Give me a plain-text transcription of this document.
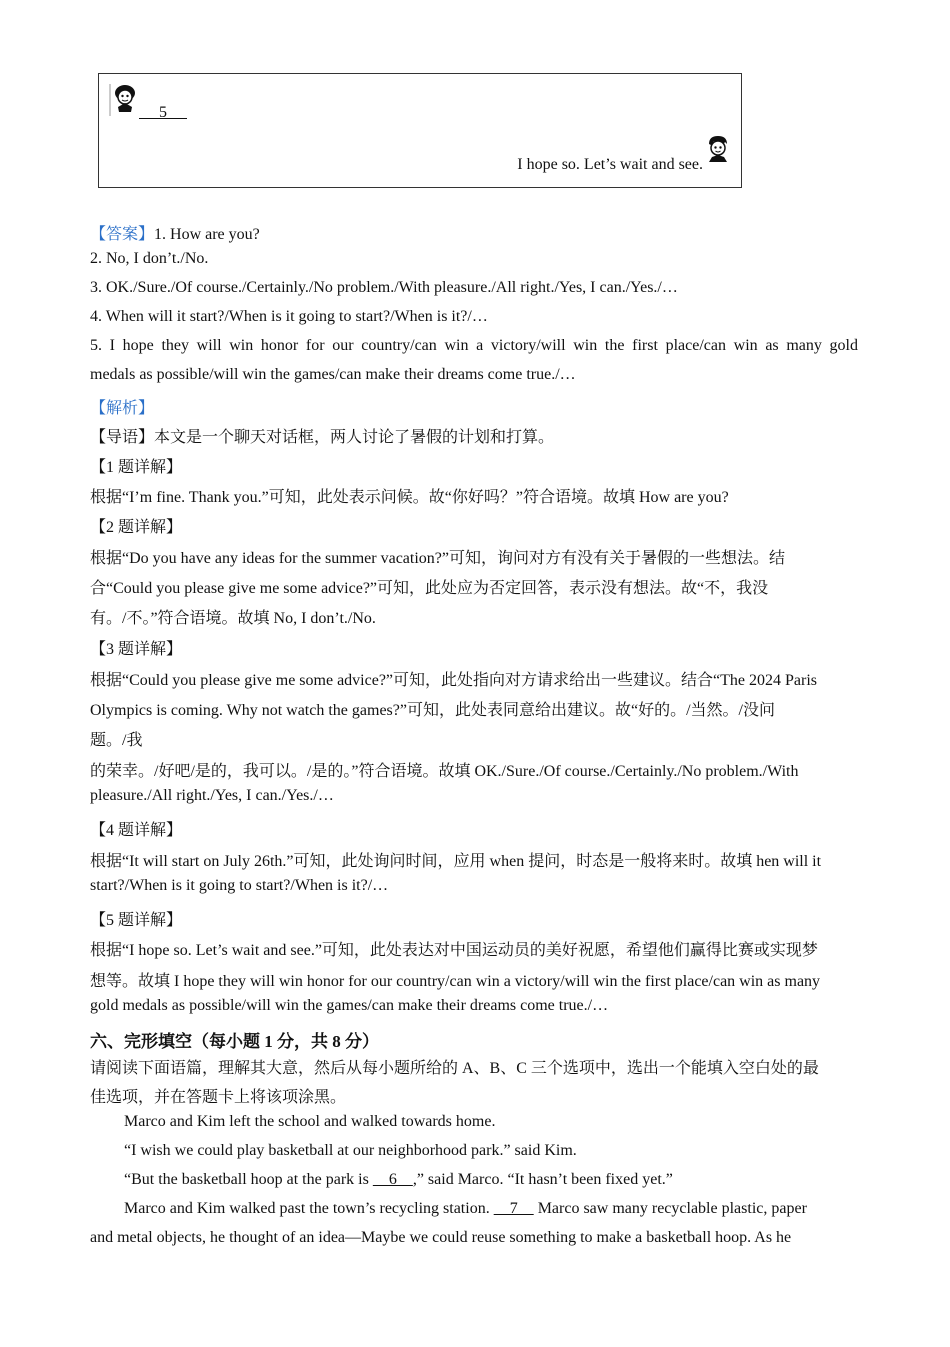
5
I hope so. Let’s wait and see.
【答案】1. How are you?
2. No, I don’t./No.
3. OK./Sure./Of course./Certainly./No problem./With pleasure./All right./Yes, I can./Yes./…
4. When will it start?/When is it going to start?/When is it?/…
5. I hope they will win honor for our country/can win a victory/will win the first place/can win as many gold
medals as possible/will win the games/can make their dreams come true./…
【解析】
【导语】本文是一个聊天对话框，两人讨论了暑假的计划和打算。
【1 题详解】
根据“I’m fine. Thank you.”可知，此处表示问候。故“你好吗？”符合语境。故填 How are you?
【2 题详解】
根据“Do you have any ideas for the summer vacation?”可知，询问对方有没有关于暑假的一些想法。结
合“Could you please give me some advice?”可知，此处应为否定回答，表示没有想法。故“不，我没
有。/不。”符合语境。故填 No, I don’t./No.
【3 题详解】
根据“Could you please give me some advice?”可知，此处指向对方请求给出一些建议。结合“The 2024 Paris
Olympics is coming. Why not watch the games?”可知，此处表同意给出建议。故“好的。/当然。/没问
题。/我
的荣幸。/好吧/是的，我可以。/是的。”符合语境。故填 OK./Sure./Of course./Certainly./No problem./With
pleasure./All right./Yes, I can./Yes./…
【4 题详解】
根据“It will start on July 26th.”可知，此处询问时间，应用 when 提问，时态是一般将来时。故填 hen will it
start?/When is it going to start?/When is it?/…
【5 题详解】
根据“I hope so. Let’s wait and see.”可知，此处表达对中国运动员的美好祝愿，希望他们赢得比赛或实现梦
想等。故填 I hope they will win honor for our country/can win a victory/will win the first place/can win as many
gold medals as possible/will win the games/can make their dreams come true./…
六、完形填空（每小题 1 分，共 8 分）
请阅读下面语篇，理解其大意，然后从每小题所给的 A、B、C 三个选项中，选出一个能填入空白处的最
佳选项，并在答题卡上将该项涂黑。
Marco and Kim left the school and walked towards home.
“I wish we could play basketball at our neighborhood park.” said Kim.
“But the basketball hoop at the park is     6    ,” said Marco. “It hasn’t been fixed yet.”
Marco and Kim walked past the town’s recycling station.     7     Marco saw many recyclable plastic, paper
and metal objects, he thought of an idea—Maybe we could reuse something to make a basketball hoop. As he
